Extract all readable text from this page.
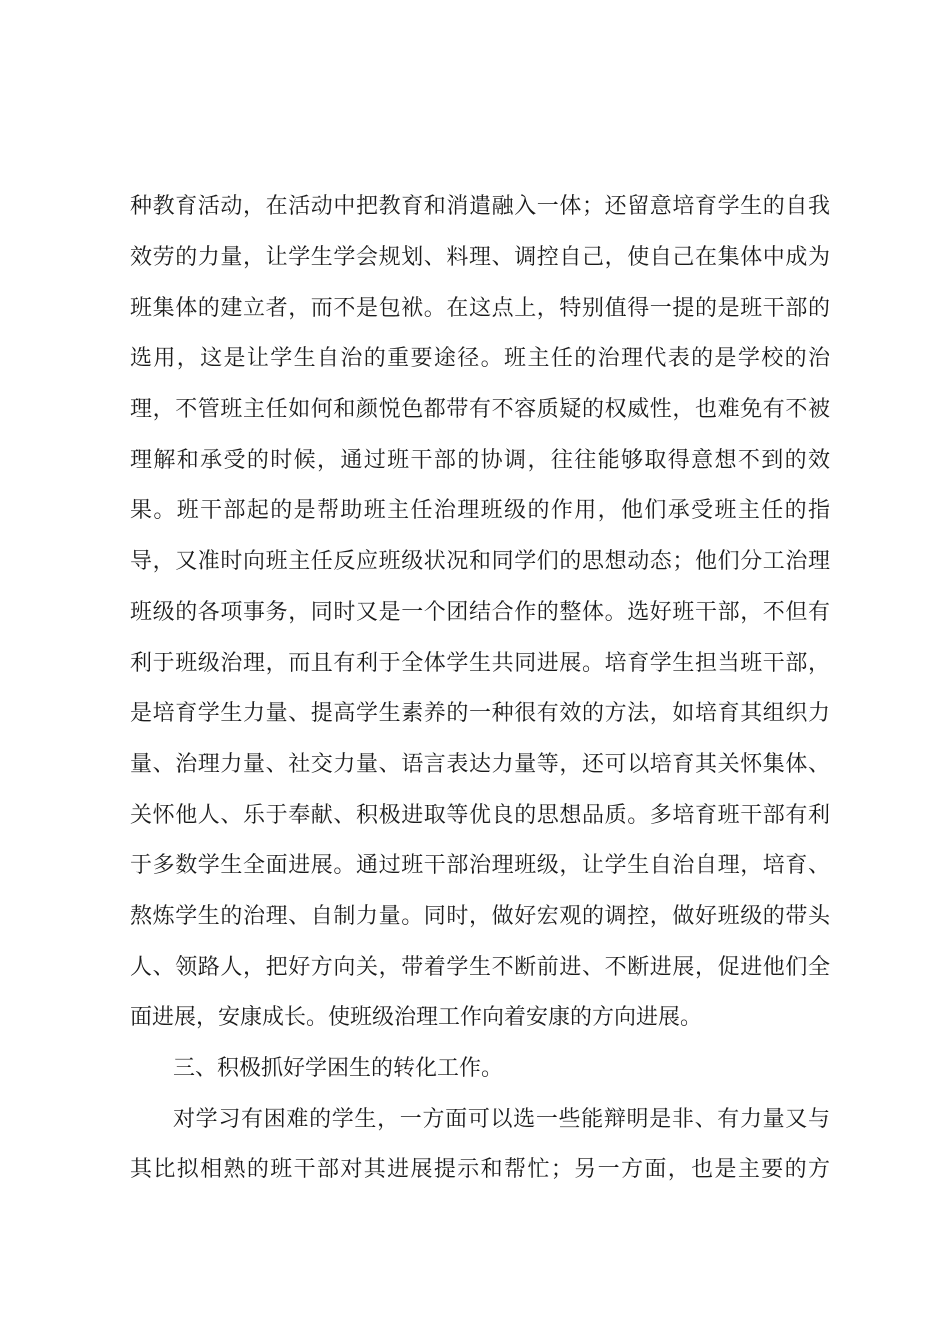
种教育活动，在活动中把教育和消遣融入一体；还留意培育学生的自我
效劳的力量，让学生学会规划、料理、调控自己，使自己在集体中成为
班集体的建立者，而不是包袱。在这点上，特别值得一提的是班干部的
选用，这是让学生自治的重要途径。班主任的治理代表的是学校的治
理，不管班主任如何和颜悦色都带有不容质疑的权威性，也难免有不被
理解和承受的时候，通过班干部的协调，往往能够取得意想不到的效
果。班干部起的是帮助班主任治理班级的作用，他们承受班主任的指
导，又准时向班主任反应班级状况和同学们的思想动态；他们分工治理
班级的各项事务，同时又是一个团结合作的整体。选好班干部，不但有
利于班级治理，而且有利于全体学生共同进展。培育学生担当班干部，
是培育学生力量、提高学生素养的一种很有效的方法，如培育其组织力
量、治理力量、社交力量、语言表达力量等，还可以培育其关怀集体、
关怀他人、乐于奉献、积极进取等优良的思想品质。多培育班干部有利
于多数学生全面进展。通过班干部治理班级，让学生自治自理，培育、
熬炼学生的治理、自制力量。同时，做好宏观的调控，做好班级的带头
人、领路人，把好方向关，带着学生不断前进、不断进展，促进他们全
面进展，安康成长。使班级治理工作向着安康的方向进展。
三、积极抓好学困生的转化工作。
对学习有困难的学生，一方面可以选一些能辩明是非、有力量又与
其比拟相熟的班干部对其进展提示和帮忙；另一方面，也是主要的方
